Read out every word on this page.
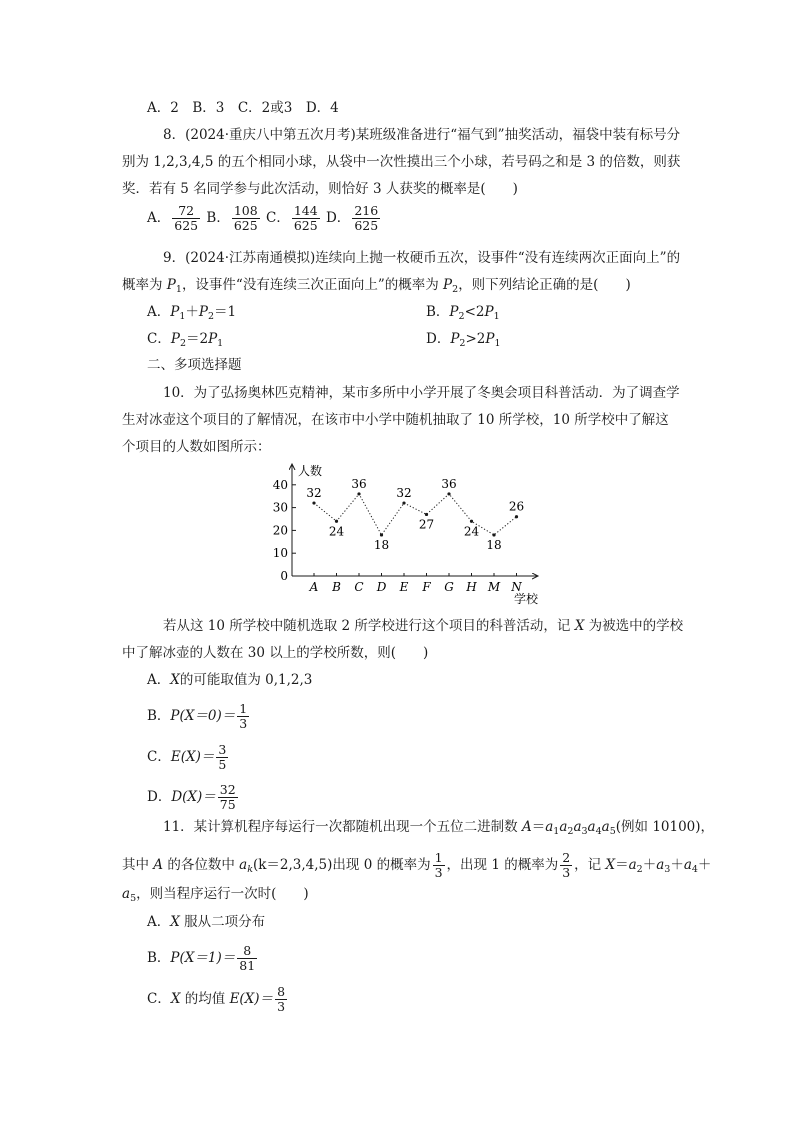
A．2　B．3　C．2或3　D．4
8．(2024·重庆八中第五次月考)某班级准备进行“福气到”抽奖活动，福袋中装有标号分
别为 1,2,3,4,5 的五个相同小球，从袋中一次性摸出三个小球，若号码之和是 3 的倍数，则获
奖．若有 5 名同学参与此次活动，则恰好 3 人获奖的概率是(　　)
A． $\frac{72}{625}$ B． $\frac{108}{625}$ C． $\frac{144}{625}$ D． $\frac{216}{625}$
9．(2024·江苏南通模拟)连续向上抛一枚硬币五次，设事件“没有连续两次正面向上”的
概率为 $P_1$，设事件“没有连续三次正面向上”的概率为 $P_2$，则下列结论正确的是(　　)
A．$P_1+P_2=1$	B．$P_2<2P_1$
C．$P_2=2P_1$	D．$P_2>2P_1$
二、多项选择题
10．为了弘扬奥林匹克精神，某市多所中小学开展了冬奥会项目科普活动．为了调查学
生对冰壶这个项目的了解情况，在该市中小学中随机抽取了 10 所学校，10 所学校中了解这
个项目的人数如图所示：
人数
学校
0
10
20
30
40
A B C D E F G H M N
32
24
36
18
32
27
36
24
18
26
若从这 10 所学校中随机选取 2 所学校进行这个项目的科普活动，记 X 为被选中的学校
中了解冰壶的人数在 30 以上的学校所数，则(　　)
A．X的可能取值为 0,1,2,3
B．$P(X=0)= \frac{1}{3}$
C．$E(X)= \frac{3}{5}$
D．$D(X)= \frac{32}{75}$
11．某计算机程序每运行一次都随机出现一个五位二进制数 $A=a_1a_2a_3a_4a_5$(例如 10100)，
其中 A 的各位数中 $a_k(k=2,3,4,5)$出现 0 的概率为 $\frac{1}{3}$ ，出现 1 的概率为 $\frac{2}{3}$ ，记 $X=a_2+a_3+a_4+$
$a_5$，则当程序运行一次时(　　)
A．X 服从二项分布
B．$P(X=1)= \frac{8}{81}$
C．X 的均值 $E(X)= \frac{8}{3}$
